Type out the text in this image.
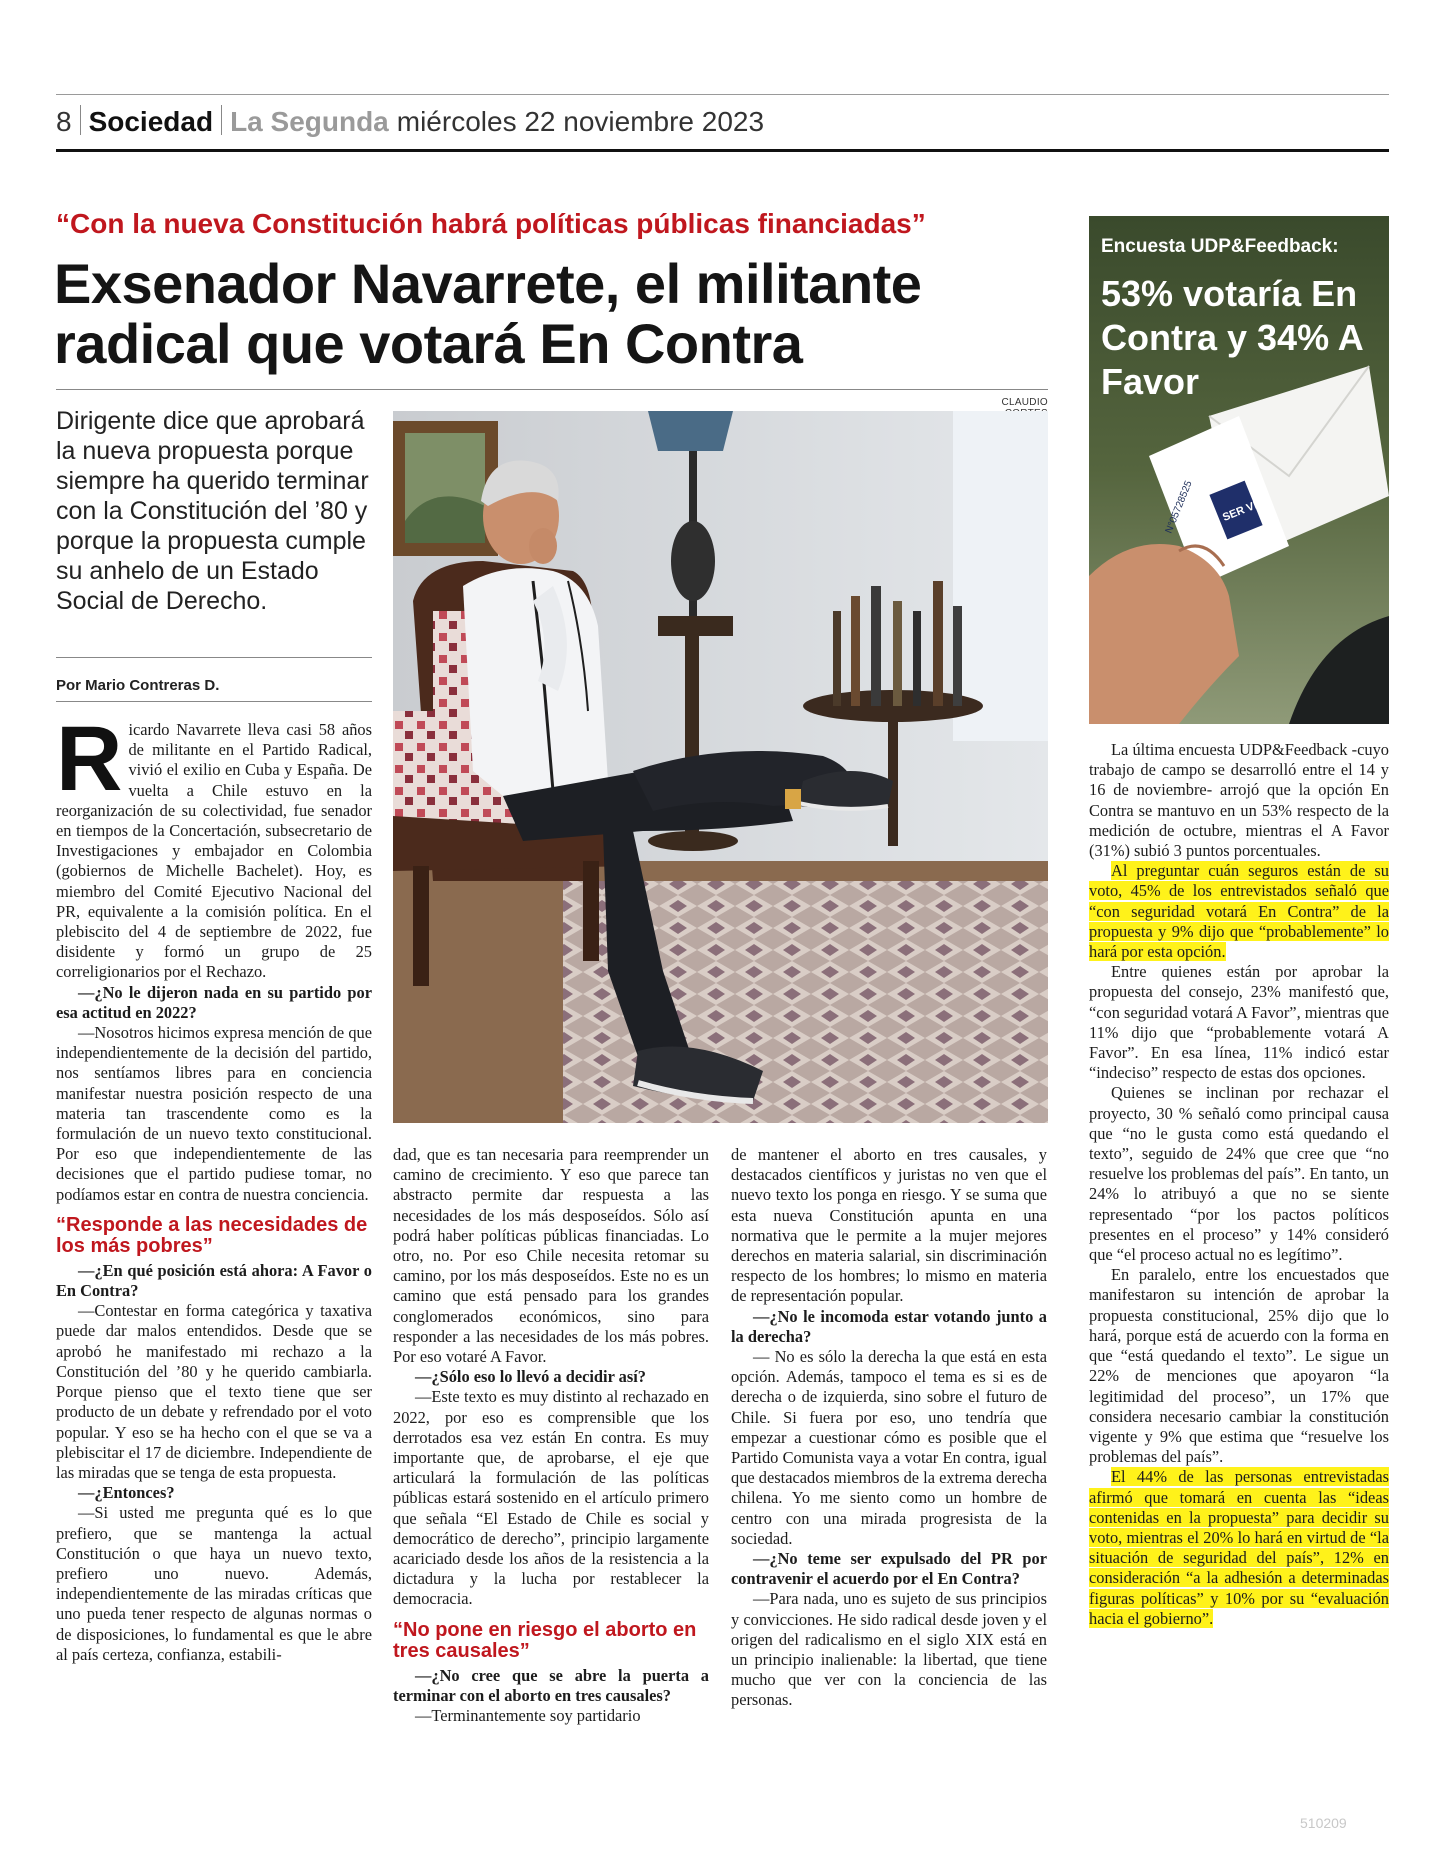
8 Sociedad La Segunda miércoles 22 noviembre 2023
“Con la nueva Constitución habrá políticas públicas financiadas”
Exsenador Navarrete, el militante radical que votará En Contra
Dirigente dice que aprobará la nueva propuesta porque siempre ha querido terminar con la Constitución del ’80 y porque la propuesta cumple su anhelo de un Estado Social de Derecho.
Por Mario Contreras D.
CLAUDIO

Ricardo Navarrete lleva casi 58 años de militante en el Partido Radical, vivió el exilio en Cuba y España. De vuelta a Chile estuvo en la reorganización de su colectividad, fue senador en tiempos de la Concertación, subsecretario de Investigaciones y embajador en Colombia (gobiernos de Michelle Bachelet). Hoy, es miembro del Comité Ejecutivo Nacional del PR, equivalente a la comisión política. En el plebiscito del 4 de septiembre de 2022, fue disidente y formó un grupo de 25 correligionarios por el Rechazo.

—¿No le dijeron nada en su partido por esa actitud en 2022?

—Nosotros hicimos expresa mención de que independientemente de la decisión del partido, nos sentíamos libres para en conciencia manifestar nuestra posición respecto de una materia tan trascendente como es la formulación de un nuevo texto constitucional. Por eso que independientemente de las decisiones que el partido pudiese tomar, no podíamos estar en contra de nuestra conciencia.

“Responde a las necesidades de los más pobres”

—¿En qué posición está ahora: A Favor o En Contra?

—Contestar en forma categórica y taxativa puede dar malos entendidos. Desde que se aprobó he manifestado mi rechazo a la Constitución del ’80 y he querido cambiarla. Porque pienso que el texto tiene que ser producto de un debate y refrendado por el voto popular. Y eso se ha hecho con el que se va a plebiscitar el 17 de diciembre. Independiente de las miradas que se tenga de esta propuesta.

—¿Entonces?

—Si usted me pregunta qué es lo que prefiero, que se mantenga la actual Constitución o que haya un nuevo texto, prefiero uno nuevo. Además, independientemente de las miradas críticas que uno pueda tener respecto de algunas normas o de disposiciones, lo fundamental es que le abre al país certeza, confianza, estabili-

dad, que es tan necesaria para reemprender un camino de crecimiento. Y eso que parece tan abstracto permite dar respuesta a las necesidades de los más desposeídos. Sólo así podrá haber políticas públicas financiadas. Lo otro, no. Por eso Chile necesita retomar su camino, por los más desposeídos. Este no es un camino que está pensado para los grandes conglomerados económicos, sino para responder a las necesidades de los más pobres. Por eso votaré A Favor.

—¿Sólo eso lo llevó a decidir así?

—Este texto es muy distinto al rechazado en 2022, por eso es comprensible que los derrotados esa vez están En contra. Es muy importante que, de aprobarse, el eje que articulará la formulación de las políticas públicas estará sostenido en el artículo primero que señala “El Estado de Chile es social y democrático de derecho”, principio largamente acariciado desde los años de la resistencia a la dictadura y la lucha por restablecer la democracia.

“No pone en riesgo el aborto en tres causales”

—¿No cree que se abre la puerta a terminar con el aborto en tres causales?

—Terminantemente soy partidario

de mantener el aborto en tres causales, y destacados científicos y juristas no ven que el nuevo texto los ponga en riesgo. Y se suma que esta nueva Constitución apunta en una normativa que le permite a la mujer mejores derechos en materia salarial, sin discriminación respecto de los hombres; lo mismo en materia de representación popular.

—¿No le incomoda estar votando junto a la derecha?

— No es sólo la derecha la que está en esta opción. Además, tampoco el tema es si es de derecha o de izquierda, sino sobre el futuro de Chile. Si fuera por eso, uno tendría que empezar a cuestionar cómo es posible que el Partido Comunista vaya a votar En contra, igual que destacados miembros de la extrema derecha chilena. Yo me siento como un hombre de centro con una mirada progresista de la sociedad.

—¿No teme ser expulsado del PR por contravenir el acuerdo por el En Contra?

—Para nada, uno es sujeto de sus principios y convicciones. He sido radical desde joven y el origen del radicalismo en el siglo XIX está en un principio inalienable: la libertad, que tiene mucho que ver con la conciencia de las personas.

N°05728525 SER VEL
Encuesta UDP&Feedback:
53% votaría En Contra y 34% A Favor

La última encuesta UDP&Feedback -cuyo trabajo de campo se desarrolló entre el 14 y 16 de noviembre- arrojó que la opción En Contra se mantuvo en un 53% respecto de la medición de octubre, mientras el A Favor (31%) subió 3 puntos porcentuales.

Al preguntar cuán seguros están de su voto, 45% de los entrevistados señaló que “con seguridad votará En Contra” de la propuesta y 9% dijo que “probablemente” lo hará por esta opción.

Entre quienes están por aprobar la propuesta del consejo, 23% manifestó que, “con seguridad votará A Favor”, mientras que 11% dijo que “probablemente votará A Favor”. En esa línea, 11% indicó estar “indeciso” respecto de estas dos opciones.

Quienes se inclinan por rechazar el proyecto, 30 % señaló como principal causa que “no le gusta como está quedando el texto”, seguido de 24% que cree que “no resuelve los problemas del país”. En tanto, un 24% lo atribuyó a que no se siente representado “por los pactos políticos presentes en el proceso” y 14% consideró que “el proceso actual no es legítimo”.

En paralelo, entre los encuestados que manifestaron su intención de aprobar la propuesta constitucional, 25% dijo que lo hará, porque está de acuerdo con la forma en que “está quedando el texto”. Le sigue un 22% de menciones que apoyaron “la legitimidad del proceso”, un 17% que considera necesario cambiar la constitución vigente y 9% que estima que “resuelve los problemas del país”.

El 44% de las personas entrevistadas afirmó que tomará en cuenta las “ideas contenidas en la propuesta” para decidir su voto, mientras el 20% lo hará en virtud de “la situación de seguridad del país”, 12% en consideración “a la adhesión a determinadas figuras políticas” y 10% por su “evaluación hacia el gobierno”.

510209
